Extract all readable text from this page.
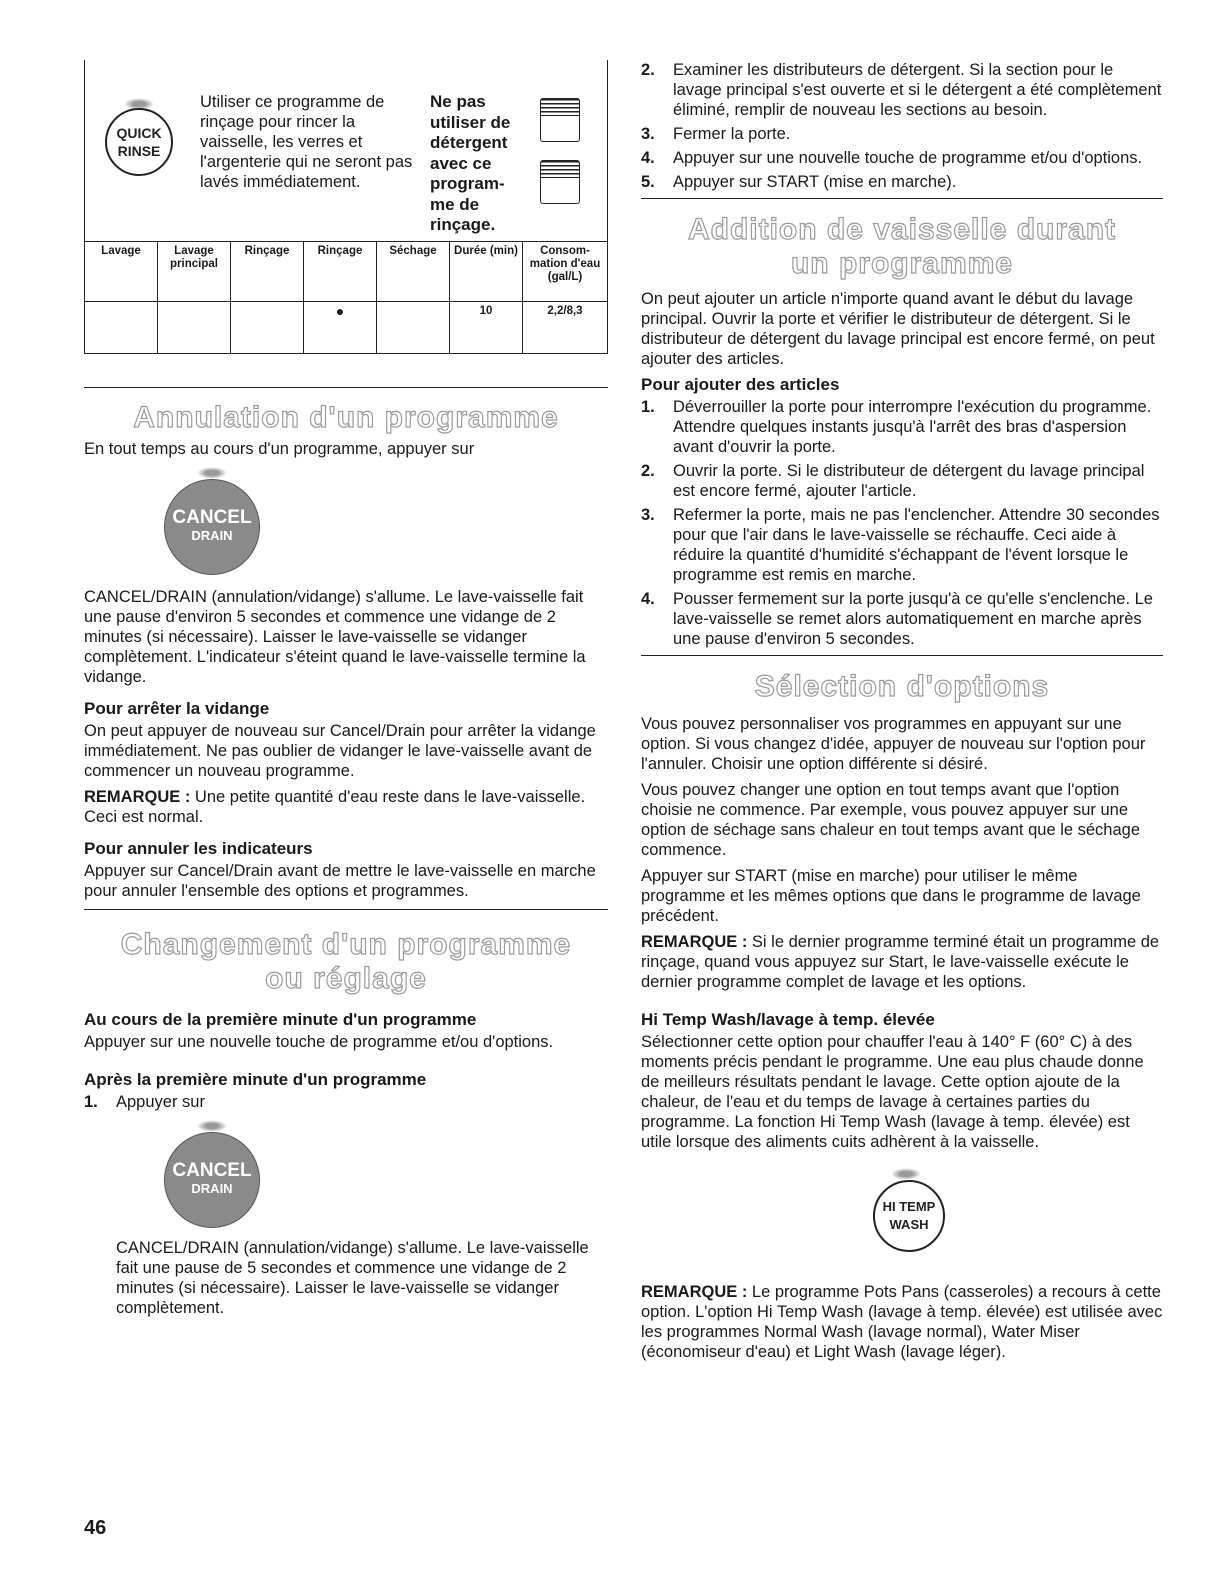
QUICK
RINSE
Utiliser ce programme de rinçage pour rincer la vaisselle, les verres et l'argenterie qui ne seront pas lavés immédiatement.
Ne pas utiliser de détergent avec ce program-me de rinçage.
Lavage	Lavage principal	Rinçage	Rinçage	Séchage	Durée (min)	Consom-mation d'eau (gal/L)
			●		10	2,2/8,3
Annulation d'un programme

En tout temps au cours d'un programme, appuyer sur

CANCEL
DRAIN

CANCEL/DRAIN (annulation/vidange) s'allume. Le lave-vaisselle fait une pause d'environ 5 secondes et commence une vidange de 2 minutes (si nécessaire). Laisser le lave-vaisselle se vidanger complètement. L'indicateur s'éteint quand le lave-vaisselle termine la vidange.

Pour arrêter la vidange

On peut appuyer de nouveau sur Cancel/Drain pour arrêter la vidange immédiatement. Ne pas oublier de vidanger le lave-vaisselle avant de commencer un nouveau programme.

REMARQUE : Une petite quantité d'eau reste dans le lave-vaisselle. Ceci est normal.

Pour annuler les indicateurs

Appuyer sur Cancel/Drain avant de mettre le lave-vaisselle en marche pour annuler l'ensemble des options et programmes.

Changement d'un programme
ou réglage
Au cours de la première minute d'un programme

Appuyer sur une nouvelle touche de programme et/ou d'options.

Après la première minute d'un programme
1. Appuyer sur
CANCEL
DRAIN

CANCEL/DRAIN (annulation/vidange) s'allume. Le lave-vaisselle fait une pause de 5 secondes et commence une vidange de 2 minutes (si nécessaire). Laisser le lave-vaisselle se vidanger complètement.

2. Examiner les distributeurs de détergent. Si la section pour le lavage principal s'est ouverte et si le détergent a été complètement éliminé, remplir de nouveau les sections au besoin.
3. Fermer la porte.
4. Appuyer sur une nouvelle touche de programme et/ou d'options.
5. Appuyer sur START (mise en marche).
Addition de vaisselle durant
un programme

On peut ajouter un article n'importe quand avant le début du lavage principal. Ouvrir la porte et vérifier le distributeur de détergent. Si le distributeur de détergent du lavage principal est encore fermé, on peut ajouter des articles.

Pour ajouter des articles
1. Déverrouiller la porte pour interrompre l'exécution du programme. Attendre quelques instants jusqu'à l'arrêt des bras d'aspersion avant d'ouvrir la porte.
2. Ouvrir la porte. Si le distributeur de détergent du lavage principal est encore fermé, ajouter l'article.
3. Refermer la porte, mais ne pas l'enclencher. Attendre 30 secondes pour que l'air dans le lave-vaisselle se réchauffe. Ceci aide à réduire la quantité d'humidité s'échappant de l'évent lorsque le programme est remis en marche.
4. Pousser fermement sur la porte jusqu'à ce qu'elle s'enclenche. Le lave-vaisselle se remet alors automatiquement en marche après une pause d'environ 5 secondes.
Sélection d'options

Vous pouvez personnaliser vos programmes en appuyant sur une option. Si vous changez d'idée, appuyer de nouveau sur l'option pour l'annuler. Choisir une option différente si désiré.

Vous pouvez changer une option en tout temps avant que l'option choisie ne commence. Par exemple, vous pouvez appuyer sur une option de séchage sans chaleur en tout temps avant que le séchage commence.

Appuyer sur START (mise en marche) pour utiliser le même programme et les mêmes options que dans le programme de lavage précédent.

REMARQUE : Si le dernier programme terminé était un programme de rinçage, quand vous appuyez sur Start, le lave-vaisselle exécute le dernier programme complet de lavage et les options.

Hi Temp Wash/lavage à temp. élevée

Sélectionner cette option pour chauffer l'eau à 140° F (60° C) à des moments précis pendant le programme. Une eau plus chaude donne de meilleurs résultats pendant le lavage. Cette option ajoute de la chaleur, de l'eau et du temps de lavage à certaines parties du programme. La fonction Hi Temp Wash (lavage à temp. élevée) est utile lorsque des aliments cuits adhèrent à la vaisselle.

HI TEMP
WASH

REMARQUE : Le programme Pots Pans (casseroles) a recours à cette option. L'option Hi Temp Wash (lavage à temp. élevée) est utilisée avec les programmes Normal Wash (lavage normal), Water Miser (économiseur d'eau) et Light Wash (lavage léger).

46
